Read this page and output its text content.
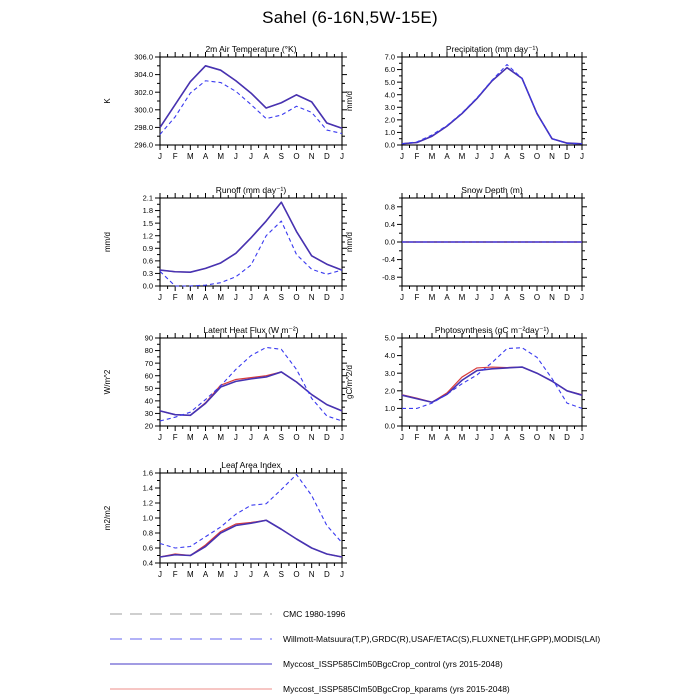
Sahel (6-16N,5W-15E)
296.0
298.0
300.0
302.0
304.0
306.0
J F M A M J J A S O N D J
K
2m Air Temperature (°K)
0.0
1.0
2.0
3.0
4.0
5.0
6.0
7.0
J F M A M J J A S O N D J
mm/d
Precipitation (mm day⁻¹)
0.0
0.3
0.6
0.9
1.2
1.5
1.8
2.1
J F M A M J J A S O N D J
mm/d
Runoff (mm day⁻¹)
-0.8
-0.4
0.0
0.4
0.8
J F M A M J J A S O N D J
mm/d
Snow Depth (m)
20
30
40
50
60
70
80
90
J F M A M J J A S O N D J
W/m^2
Latent Heat Flux (W m⁻²)
0.0
1.0
2.0
3.0
4.0
5.0
J F M A M J J A S O N D J
gC/m^2/d
Photosynthesis (gC m⁻²day⁻¹)
0.4
0.6
0.8
1.0
1.2
1.4
1.6
J F M A M J J A S O N D J
m2/m2
Leaf Area Index
CMC 1980-1996
Willmott-Matsuura(T,P),GRDC(R),USAF/ETAC(S),FLUXNET(LHF,GPP),MODIS(LAI)
Myccost_ISSP585Clm50BgcCrop_control (yrs 2015-2048)
Myccost_ISSP585Clm50BgcCrop_kparams (yrs 2015-2048)
